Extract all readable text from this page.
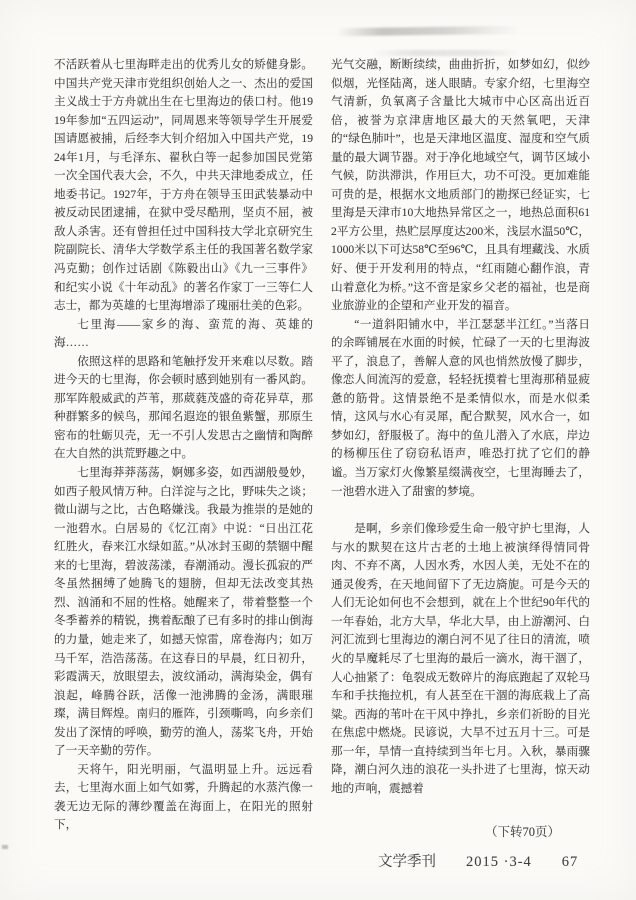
不活跃着从七里海畔走出的优秀儿女的矫健身影。中国共产党天津市党组织创始人之一、杰出的爱国主义战士于方舟就出生在七里海边的俵口村。他1919年参加“五四运动”，同周恩来等领导学生开展爱国请愿被捕，后经李大钊介绍加入中国共产党，1924年1月，与毛泽东、翟秋白等一起参加国民党第一次全国代表大会，不久，中共天津地委成立，任地委书记。1927年，于方舟在领导玉田武装暴动中被反动民团逮捕，在狱中受尽酷刑，坚贞不屈，被敌人杀害。还有曾担任过中国科技大学北京研究生院副院长、清华大学数学系主任的我国著名数学家冯克勤；创作过话剧《陈毅出山》《九一三事件》和纪实小说《十年动乱》的著名作家丁一三等仁人志士，都为英雄的七里海增添了瑰丽壮美的色彩。

七里海——家乡的海、蛮荒的海、英雄的海……

依照这样的思路和笔触抒发开来难以尽数。踏进今天的七里海，你会顿时感到她别有一番风韵。那军阵般威武的芦苇，那葳蕤茂盛的奇花异草，那种群繁多的候鸟，那闻名遐迩的银鱼紫蟹，那原生密布的牡蛎贝壳，无一不引人发思古之幽情和陶醉在大自然的洪荒野趣之中。

七里海莽莽荡荡，婀娜多姿，如西湖般曼妙，如西子般风情万种。白洋淀与之比，野味失之谈；微山湖与之比，古色略嫌浅。我最为推崇的是她的一池碧水。白居易的《忆江南》中说：“日出江花红胜火，春来江水绿如蓝。”从冰封玉砌的禁锢中醒来的七里海，碧波荡漾，春潮涌动。漫长孤寂的严冬虽然捆缚了她腾飞的翅膀，但却无法改变其热烈、汹涌和不屈的性格。她醒来了，带着整整一个冬季蓄养的精锐，携着酝酿了已有多时的排山倒海的力量，她走来了，如撼天惊雷，席卷海内；如万马千军，浩浩荡荡。在这春日的早晨，红日初升，彩霞满天，放眼望去，波纹涌动，满海染金，偶有浪起，峰腾谷跃，活像一池沸腾的金汤，满眼璀璨，满目辉煌。南归的雁阵，引颈嘶鸣，向乡亲们发出了深情的呼唤，勤劳的渔人，荡桨飞舟，开始了一天辛勤的劳作。

天将午，阳光明丽，气温明显上升。远远看去，七里海水面上如气如雾，升腾起的水蒸汽像一袭无边无际的薄纱覆盖在海面上，在阳光的照射下，

光气交融，断断续续，曲曲折折，如梦如幻，似纱似烟，光怪陆离，迷人眼睛。专家介绍，七里海空气清新，负氧离子含量比大城市中心区高出近百倍，被誉为京津唐地区最大的天然氧吧，天津的“绿色肺叶”，也是天津地区温度、湿度和空气质量的最大调节器。对于净化地域空气，调节区域小气候，防洪滞洪，作用巨大，功不可没。更加难能可贵的是，根据水文地质部门的勘探已经证实，七里海是天津市10大地热异常区之一，地热总面积612平方公里，热贮层厚度达200米，浅层水温50℃，1000米以下可达58℃至96℃，且具有埋藏浅、水质好、便于开发利用的特点，“红雨随心翻作浪，青山着意化为桥。”这不啻是家乡父老的福祉，也是商业旅游业的企望和产业开发的福音。

“一道斜阳铺水中，半江瑟瑟半江红。”当落日的余晖铺展在水面的时候，忙碌了一天的七里海波平了，浪息了，善解人意的风也悄然放慢了脚步，像恋人间流泻的爱意，轻轻抚摸着七里海那稍显疲惫的筋骨。这情景绝不是柔情似水，而是水似柔情，这风与水心有灵犀，配合默契，风水合一，如梦如幻，舒服极了。海中的鱼儿潜入了水底，岸边的杨柳压住了窃窃私语声，唯恐打扰了它们的静谧。当万家灯火像繁星缀满夜空，七里海睡去了，一池碧水进入了甜蜜的梦境。

是啊，乡亲们像珍爱生命一般守护七里海，人与水的默契在这片古老的土地上被演绎得情同骨肉、不弃不离，人因水秀，水因人美，无处不在的通灵俊秀，在天地间留下了无边旖旎。可是今天的人们无论如何也不会想到，就在上个世纪90年代的一年春始，北方大旱，华北大旱，由上游潮河、白河汇流到七里海边的潮白河不见了往日的清流，喷火的旱魔耗尽了七里海的最后一滴水，海干涸了，人心抽紧了：龟裂成无数碎片的海底跑起了双轮马车和手扶拖拉机，有人甚至在干涸的海底栽上了高粱。西海的苇叶在干风中挣扎，乡亲们祈盼的目光在焦虑中燃烧。民谚说，大旱不过五月十三。可是那一年，旱情一直持续到当年七月。入秋，暴雨骤降，潮白河久违的浪花一头扑进了七里海，惊天动地的声响，震撼着

（下转70页）
文学季刊 2015 ·3-4 67
